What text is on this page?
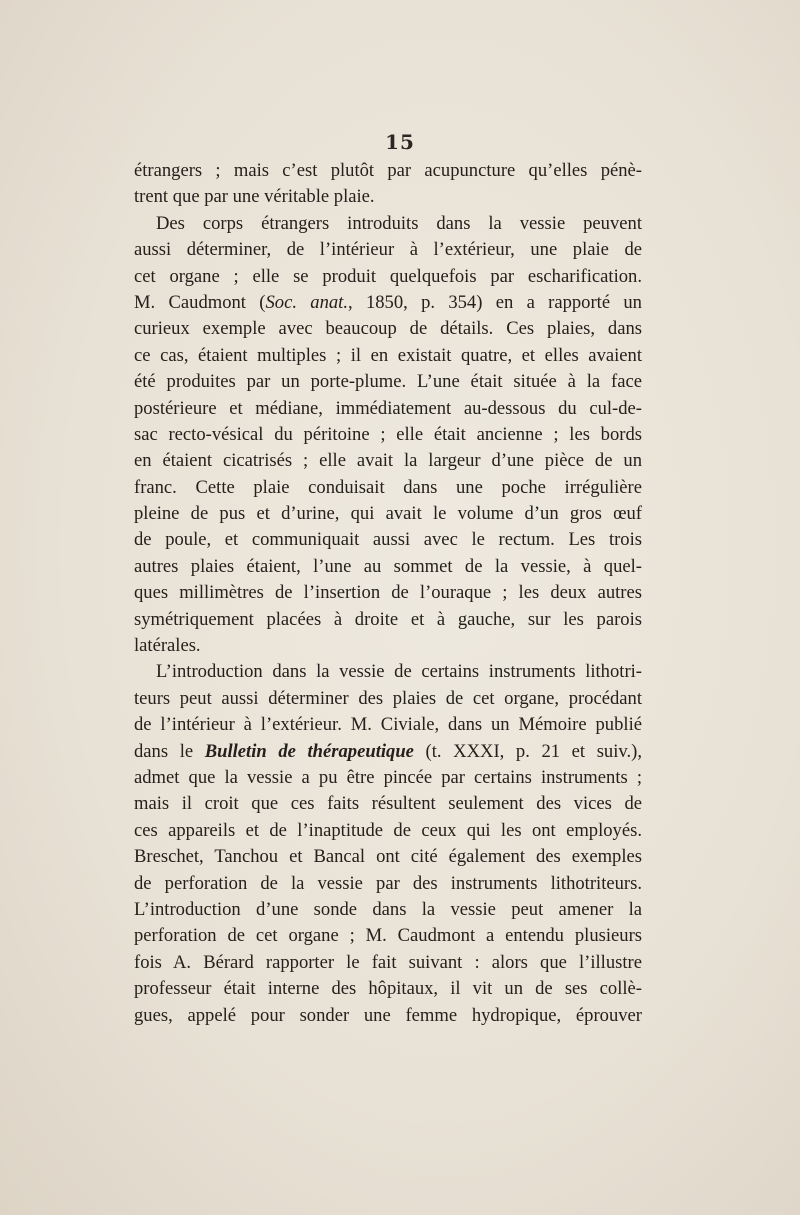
15
étrangers ; mais c’est plutôt par acupuncture qu’elles pénè-
trent que par une véritable plaie.
Des corps étrangers introduits dans la vessie peuvent
aussi déterminer, de l’intérieur à l’extérieur, une plaie de
cet organe ; elle se produit quelquefois par escharification.
M. Caudmont (Soc. anat., 1850, p. 354) en a rapporté un
curieux exemple avec beaucoup de détails. Ces plaies, dans
ce cas, étaient multiples ; il en existait quatre, et elles avaient
été produites par un porte-plume. L’une était située à la face
postérieure et médiane, immédiatement au-dessous du cul-de-
sac recto-vésical du péritoine ; elle était ancienne ; les bords
en étaient cicatrisés ; elle avait la largeur d’une pièce de un
franc. Cette plaie conduisait dans une poche irrégulière
pleine de pus et d’urine, qui avait le volume d’un gros œuf
de poule, et communiquait aussi avec le rectum. Les trois
autres plaies étaient, l’une au sommet de la vessie, à quel-
ques millimètres de l’insertion de l’ouraque ; les deux autres
symétriquement placées à droite et à gauche, sur les parois
latérales.
L’introduction dans la vessie de certains instruments lithotri-
teurs peut aussi déterminer des plaies de cet organe, procédant
de l’intérieur à l’extérieur. M. Civiale, dans un Mémoire publié
dans le Bulletin de thérapeutique (t. XXXI, p. 21 et suiv.),
admet que la vessie a pu être pincée par certains instruments ;
mais il croit que ces faits résultent seulement des vices de
ces appareils et de l’inaptitude de ceux qui les ont employés.
Breschet, Tanchou et Bancal ont cité également des exemples
de perforation de la vessie par des instruments lithotriteurs.
L’introduction d’une sonde dans la vessie peut amener la
perforation de cet organe ; M. Caudmont a entendu plusieurs
fois A. Bérard rapporter le fait suivant : alors que l’illustre
professeur était interne des hôpitaux, il vit un de ses collè-
gues, appelé pour sonder une femme hydropique, éprouver
